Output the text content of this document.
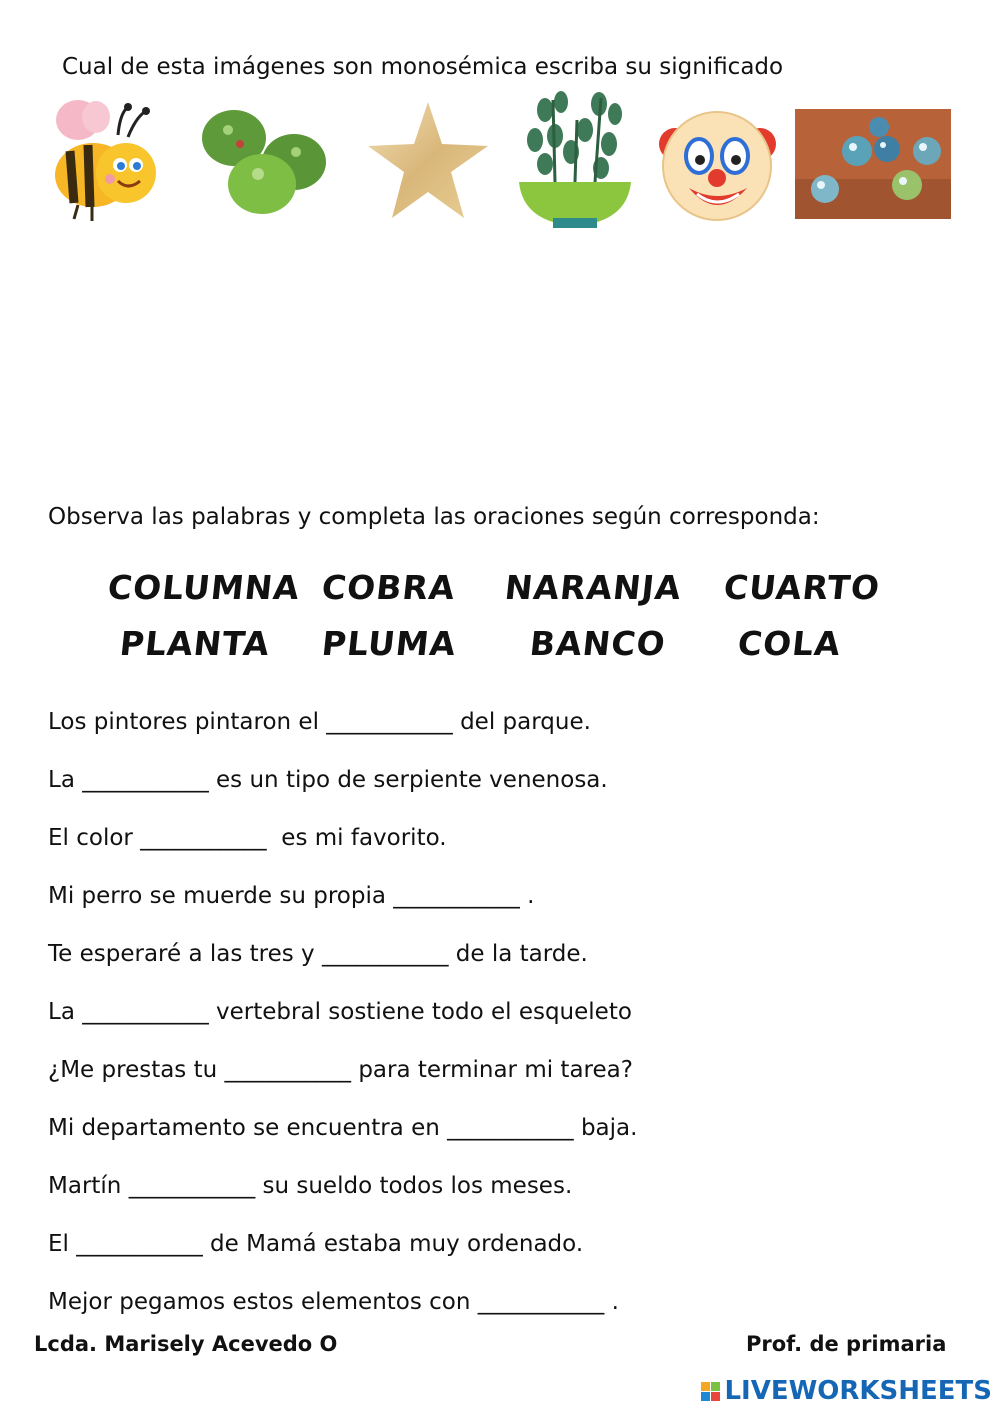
Cual de esta imágenes son monosémica escriba su significado
Observa las palabras y completa las oraciones según corresponda:
COLUMNA COBRA NARANJA CUARTO
PLANTA PLUMA BANCO COLA
Los pintores pintaron el ___________ del parque.
La ___________ es un tipo de serpiente venenosa.
El color ___________  es mi favorito.
Mi perro se muerde su propia ___________ .
Te esperaré a las tres y ___________ de la tarde.
La ___________ vertebral sostiene todo el esqueleto
¿Me prestas tu ___________ para terminar mi tarea?
Mi departamento se encuentra en ___________ baja.
Martín ___________ su sueldo todos los meses.
El ___________ de Mamá estaba muy ordenado.
Mejor pegamos estos elementos con ___________ .
Lcda. Marisely Acevedo O	Prof. de primaria
LIVEWORKSHEETS
